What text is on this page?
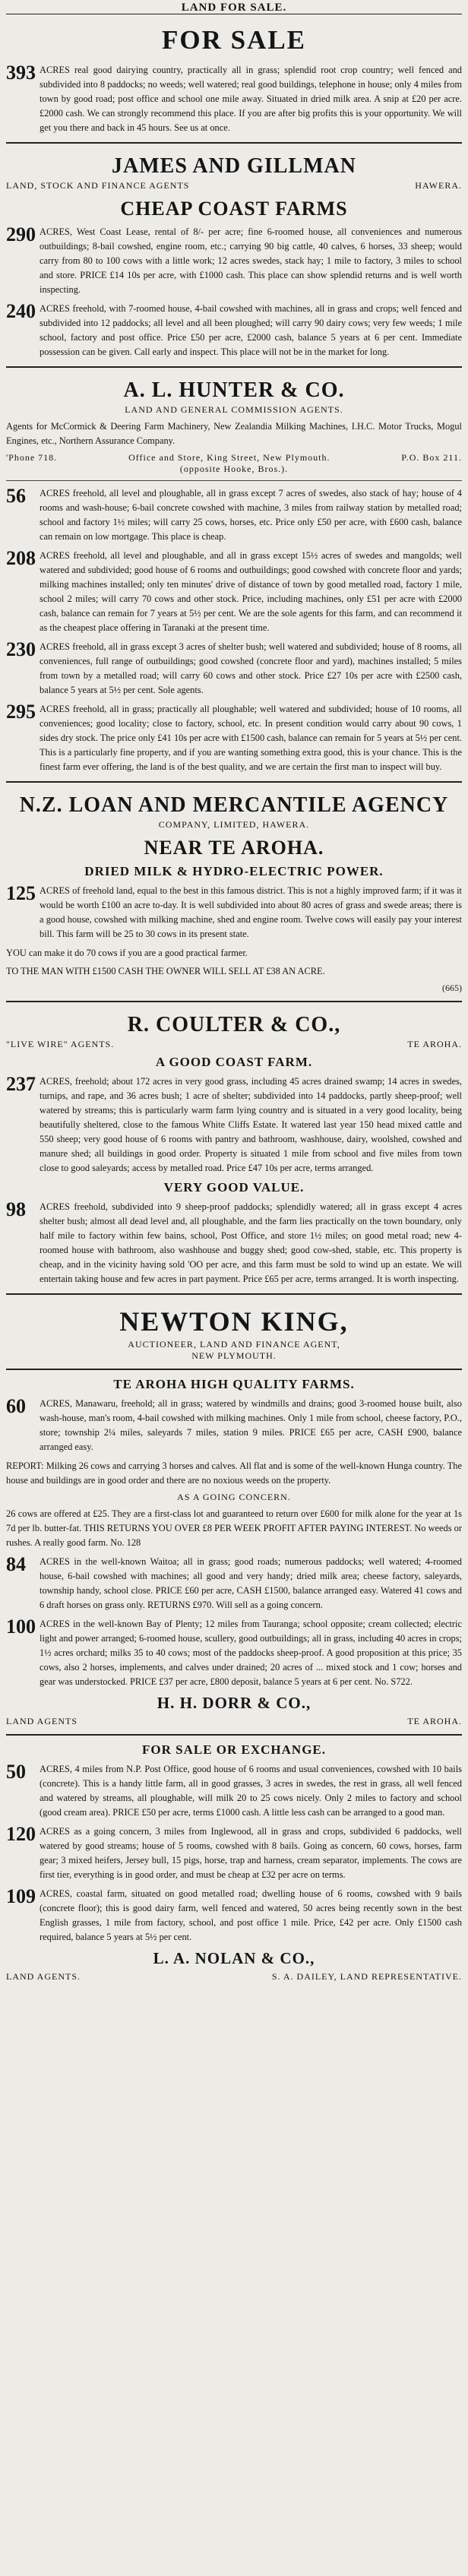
LAND FOR SALE.
FOR SALE
393 ACRES real good dairying country, practically all in grass; splendid root crop country; well fenced and subdivided into 8 paddocks; no weeds; well watered; real good buildings, telephone in house; only 4 miles from town by good road; post office and school one mile away. Situated in dried milk area. A snip at £20 per acre. £2000 cash. We can strongly recommend this place. If you are after big profits this is your opportunity. We will get you there and back in 45 hours. See us at once.
JAMES AND GILLMAN
LAND, STOCK AND FINANCE AGENTS	HAWERA.
CHEAP COAST FARMS
290 ACRES, West Coast Lease, rental of 8/- per acre; fine 6-roomed house, all conveniences and numerous outbuildings; 8-bail cowshed, engine room, etc.; carrying 90 big cattle, 40 calves, 6 horses, 33 sheep; would carry from 80 to 100 cows with a little work; 12 acres swedes, stack hay; 1 mile to factory, 3 miles to school and store. PRICE £14 10s per acre, with £1000 cash. This place can show splendid returns and is well worth inspecting.
240 ACRES freehold, with 7-roomed house, 4-bail cowshed with machines, all in grass and crops; well fenced and subdivided into 12 paddocks; all level and all been ploughed; will carry 90 dairy cows; very few weeds; 1 mile school, factory and post office. Price £50 per acre, £2000 cash, balance 5 years at 6 per cent. Immediate possession can be given. Call early and inspect. This place will not be in the market for long.
A. L. HUNTER & CO.
LAND AND GENERAL COMMISSION AGENTS.
Agents for McCormick & Deering Farm Machinery, New Zealandia Milking Machines, I.H.C. Motor Trucks, Mogul Engines, etc., Northern Assurance Company.
'Phone 718.	Office and Store, King Street, New Plymouth.	P.O. Box 211.
(opposite Hooke, Bros.).
56	ACRES freehold, all level and ploughable, all in grass except 7 acres of swedes, also stack of hay; house of 4 rooms and wash-house; 6-bail concrete cowshed with machine, 3 miles from railway station by metalled road; school and factory 1½ miles; will carry 25 cows, horses, etc. Price only £50 per acre, with £600 cash, balance can remain on low mortgage. This place is cheap.
208 ACRES freehold, all level and ploughable, and all in grass except 15½ acres of swedes and mangolds; well watered and subdivided; good house of 6 rooms and outbuildings; good cowshed with concrete floor and yards; milking machines installed; only ten minutes' drive of distance of town by good metalled road, factory 1 mile, school 2 miles; will carry 70 cows and other stock. Price, including machines, only £51 per acre with £2000 cash, balance can remain for 7 years at 5½ per cent. We are the sole agents for this farm, and can recommend it as the cheapest place offering in Taranaki at the present time.
230 ACRES freehold, all in grass except 3 acres of shelter bush; well watered and subdivided; house of 8 rooms, all conveniences, full range of outbuildings; good cowshed (concrete floor and yard), machines installed; 5 miles from town by a metalled road; will carry 60 cows and other stock. Price £27 10s per acre with £2500 cash, balance 5 years at 5½ per cent. Sole agents.
295 ACRES freehold, all in grass; practically all ploughable; well watered and subdivided; house of 10 rooms, all conveniences; good locality; close to factory, school, etc. In present condition would carry about 90 cows, 1 sides dry stock. The price only £41 10s per acre with £1500 cash, balance can remain for 5 years at 5½ per cent. This is a particularly fine property, and if you are wanting something extra good, this is your chance. This is the finest farm ever offering, the land is of the best quality, and we are certain the first man to inspect will buy.
N.Z. LOAN AND MERCANTILE AGENCY
COMPANY, LIMITED, HAWERA.
NEAR TE AROHA.
DRIED MILK & HYDRO-ELECTRIC POWER.
125 ACRES of freehold land, equal to the best in this famous district. This is not a highly improved farm; if it was it would be worth £100 an acre to-day. It is well subdivided into about 80 acres of grass and swede areas; there is a good house, cowshed with milking machine, shed and engine room. Twelve cows will easily pay your interest bill. This farm will be 25 to 30 cows in its present state.
YOU can make it do 70 cows if you are a good practical farmer.
TO THE MAN WITH £1500 CASH THE OWNER WILL SELL AT £38 AN ACRE.
(665)
R. COULTER & CO.,
"LIVE WIRE" AGENTS.	TE AROHA.
A GOOD COAST FARM.
237 ACRES, freehold; about 172 acres in very good grass, including 45 acres drained swamp; 14 acres in swedes, turnips, and rape, and 36 acres bush; 1 acre of shelter; subdivided into 14 paddocks, partly sheep-proof; well watered by streams; this is particularly warm farm lying country and is situated in a very good locality, being beautifully sheltered, close to the famous White Cliffs Estate. It watered last year 150 head mixed cattle and 550 sheep; very good house of 6 rooms with pantry and bathroom, washhouse, dairy, woolshed, cowshed and manure shed; all buildings in good order. Property is situated 1 mile from school and five miles from town close to good saleyards; access by metalled road. Price £47 10s per acre, terms arranged.
VERY GOOD VALUE.
98	ACRES freehold, subdivided into 9 sheep-proof paddocks; splendidly watered; all in grass except 4 acres shelter bush; almost all dead level and, all ploughable, and the farm lies practically on the town boundary, only half mile to factory within few bains, school, Post Office, and store 1½ miles; on good metal road; new 4-roomed house with bathroom, also washhouse and buggy shed; good cow-shed, stable, etc. This property is cheap, and in the vicinity having sold 'OO per acre, and this farm must be sold to wind up an estate. We will entertain taking house and few acres in part payment. Price £65 per acre, terms arranged. It is worth inspecting.
NEWTON KING,
AUCTIONEER, LAND AND FINANCE AGENT,
NEW PLYMOUTH.
TE AROHA HIGH QUALITY FARMS.
60	ACRES, Manawaru, freehold; all in grass; watered by windmills and drains; good 3-roomed house built, also wash-house, man's room, 4-bail cowshed with milking machines. Only 1 mile from school, cheese factory, P.O., store; township 2¼ miles, saleyards 7 miles, station 9 miles. PRICE £65 per acre, CASH £900, balance arranged easy.
REPORT: Milking 26 cows and carrying 3 horses and calves. All flat and is some of the well-known Hunga country. The house and buildings are in good order and there are no noxious weeds on the property.
AS A GOING CONCERN.
26 cows are offered at £25. They are a first-class lot and guaranteed to return over £600 for milk alone for the year at 1s 7d per lb. butter-fat. THIS RETURNS YOU OVER £8 PER WEEK PROFIT AFTER PAYING INTEREST. No weeds or rushes. A really good farm. No. 128
84	ACRES in the well-known Waitoa; all in grass; good roads; numerous paddocks; well watered; 4-roomed house, 6-bail cowshed with machines; all good and very handy; dried milk area; cheese factory, saleyards, township handy, school close. PRICE £60 per acre, CASH £1500, balance arranged easy. Watered 41 cows and 6 draft horses on grass only. RETURNS £970. Will sell as a going concern.
100 ACRES in the well-known Bay of Plenty; 12 miles from Tauranga; school opposite; cream collected; electric light and power arranged; 6-roomed house, scullery, good outbuildings; all in grass, including 40 acres in crops; 1½ acres orchard; milks 35 to 40 cows; most of the paddocks sheep-proof. A good proposition at this price; 35 cows, also 2 horses, implements, and calves under drained; 20 acres of ... mixed stock and 1 cow; horses and gear was understocked. PRICE £37 per acre, £800 deposit, balance 5 years at 6 per cent. No. S722.
H. H. DORR & CO.,
LAND AGENTS	TE AROHA.
FOR SALE OR EXCHANGE.
50	ACRES, 4 miles from N.P. Post Office, good house of 6 rooms and usual conveniences, cowshed with 10 bails (concrete). This is a handy little farm, all in good grasses, 3 acres in swedes, the rest in grass, all well fenced and watered by streams, all ploughable, will milk 20 to 25 cows nicely. Only 2 miles to factory and school (good cream area). PRICE £50 per acre, terms £1000 cash. A little less cash can be arranged to a good man.
120 ACRES as a going concern, 3 miles from Inglewood, all in grass and crops, subdivided 6 paddocks, well watered by good streams; house of 5 rooms, cowshed with 8 bails. Going as concern, 60 cows, horses, farm gear; 3 mixed heifers, Jersey bull, 15 pigs, horse, trap and harness, cream separator, implements. The cows are first tier, everything is in good order, and must be cheap at £32 per acre on terms.
109 ACRES, coastal farm, situated on good metalled road; dwelling house of 6 rooms, cowshed with 9 bails (concrete floor); this is good dairy farm, well fenced and watered, 50 acres being recently sown in the best English grasses, 1 mile from factory, school, and post office 1 mile. Price, £42 per acre. Only £1500 cash required, balance 5 years at 5½ per cent.
L. A. NOLAN & CO.,
LAND AGENTS.	S. A. DAILEY, LAND REPRESENTATIVE.
